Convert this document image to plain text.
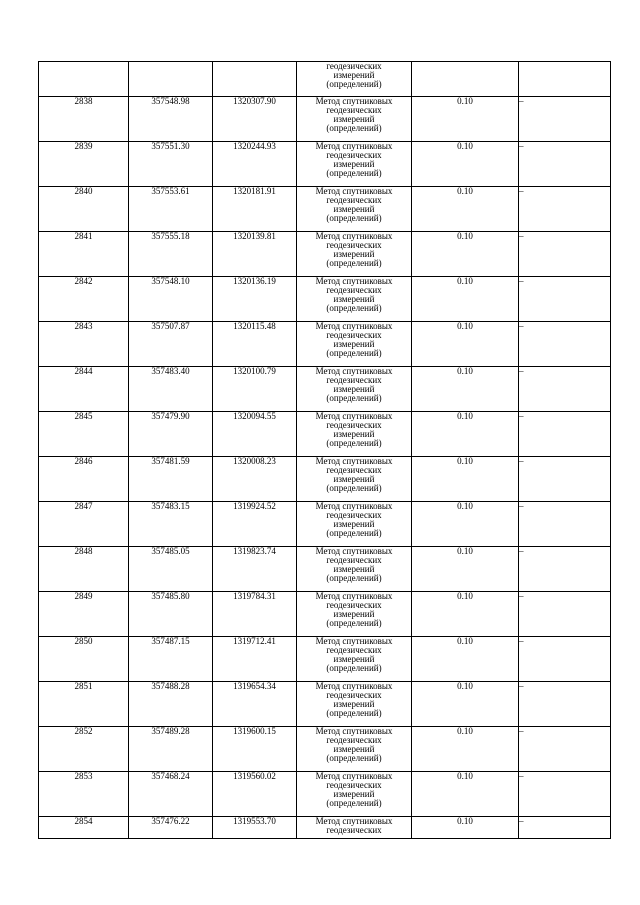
			геодезических
измерений
(определений)		

2838	357548.98	1320307.90	Метод спутниковых
геодезических
измерений
(определений)	0.10	–
2839	357551.30	1320244.93	Метод спутниковых
геодезических
измерений
(определений)	0.10	–
2840	357553.61	1320181.91	Метод спутниковых
геодезических
измерений
(определений)	0.10	–
2841	357555.18	1320139.81	Метод спутниковых
геодезических
измерений
(определений)	0.10	–
2842	357548.10	1320136.19	Метод спутниковых
геодезических
измерений
(определений)	0.10	–
2843	357507.87	1320115.48	Метод спутниковых
геодезических
измерений
(определений)	0.10	–
2844	357483.40	1320100.79	Метод спутниковых
геодезических
измерений
(определений)	0.10	–
2845	357479.90	1320094.55	Метод спутниковых
геодезических
измерений
(определений)	0.10	–
2846	357481.59	1320008.23	Метод спутниковых
геодезических
измерений
(определений)	0.10	–
2847	357483.15	1319924.52	Метод спутниковых
геодезических
измерений
(определений)	0.10	–
2848	357485.05	1319823.74	Метод спутниковых
геодезических
измерений
(определений)	0.10	–
2849	357485.80	1319784.31	Метод спутниковых
геодезических
измерений
(определений)	0.10	–
2850	357487.15	1319712.41	Метод спутниковых
геодезических
измерений
(определений)	0.10	–
2851	357488.28	1319654.34	Метод спутниковых
геодезических
измерений
(определений)	0.10	–
2852	357489.28	1319600.15	Метод спутниковых
геодезических
измерений
(определений)	0.10	–
2853	357468.24	1319560.02	Метод спутниковых
геодезических
измерений
(определений)	0.10	–
2854	357476.22	1319553.70	Метод спутниковых
геодезических	0.10	–
